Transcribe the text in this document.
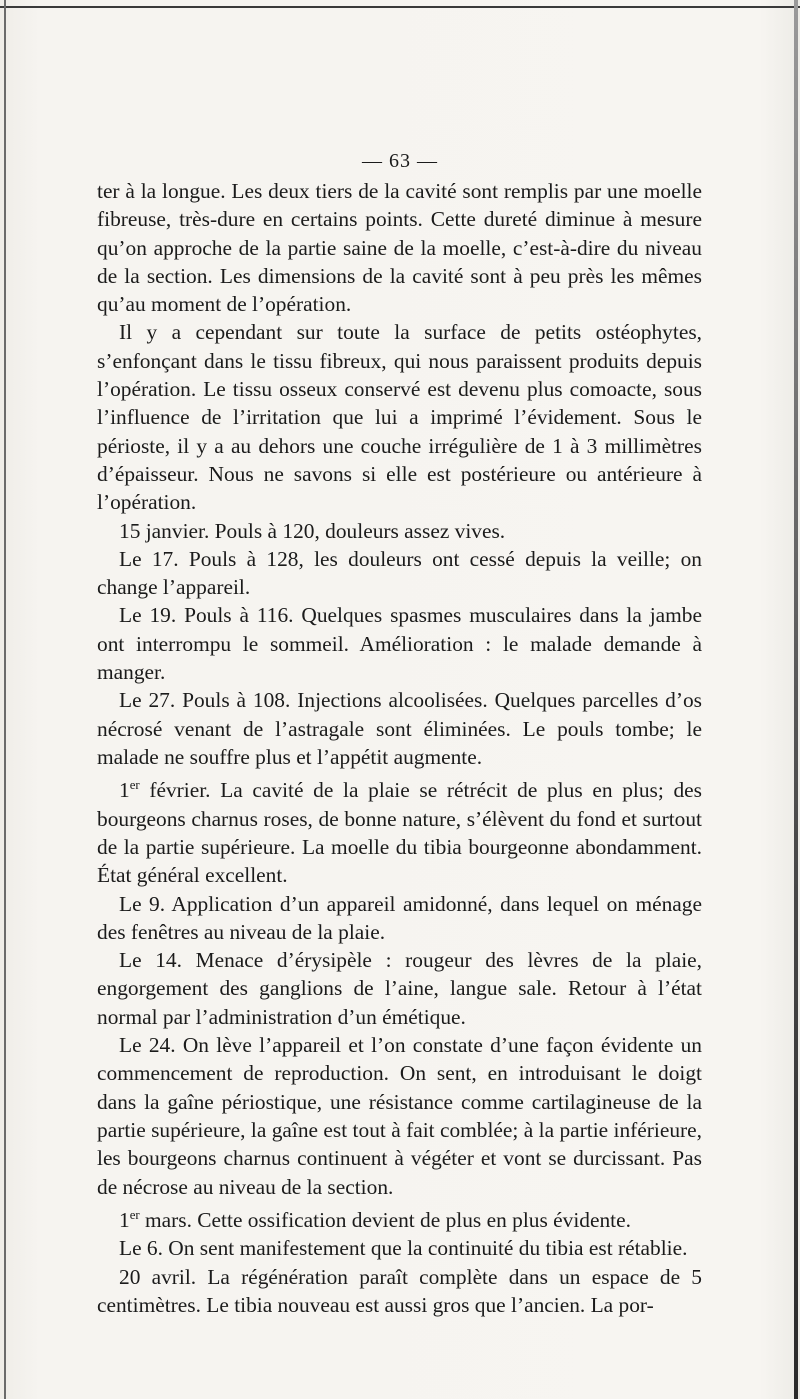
— 63 —

ter à la longue. Les deux tiers de la cavité sont remplis par une moelle fibreuse, très-dure en certains points. Cette dureté diminue à mesure qu’on approche de la partie saine de la moelle, c’est-à-dire du niveau de la section. Les dimensions de la cavité sont à peu près les mêmes qu’au moment de l’opération.

Il y a cependant sur toute la surface de petits ostéophytes, s’enfonçant dans le tissu fibreux, qui nous paraissent produits depuis l’opération. Le tissu osseux conservé est devenu plus comoacte, sous l’influence de l’irritation que lui a imprimé l’évidement. Sous le périoste, il y a au dehors une couche irrégulière de 1 à 3 millimètres d’épaisseur. Nous ne savons si elle est postérieure ou antérieure à l’opération.

15 janvier. Pouls à 120, douleurs assez vives.

Le 17. Pouls à 128, les douleurs ont cessé depuis la veille; on change l’appareil.

Le 19. Pouls à 116. Quelques spasmes musculaires dans la jambe ont interrompu le sommeil. Amélioration : le malade demande à manger.

Le 27. Pouls à 108. Injections alcoolisées. Quelques parcelles d’os nécrosé venant de l’astragale sont éliminées. Le pouls tombe; le malade ne souffre plus et l’appétit augmente.

1er février. La cavité de la plaie se rétrécit de plus en plus; des bourgeons charnus roses, de bonne nature, s’élèvent du fond et surtout de la partie supérieure. La moelle du tibia bourgeonne abondamment. État général excellent.

Le 9. Application d’un appareil amidonné, dans lequel on ménage des fenêtres au niveau de la plaie.

Le 14. Menace d’érysipèle : rougeur des lèvres de la plaie, engorgement des ganglions de l’aine, langue sale. Retour à l’état normal par l’administration d’un émétique.

Le 24. On lève l’appareil et l’on constate d’une façon évidente un commencement de reproduction. On sent, en introduisant le doigt dans la gaîne périostique, une résistance comme cartilagineuse de la partie supérieure, la gaîne est tout à fait comblée; à la partie inférieure, les bourgeons charnus continuent à végéter et vont se durcissant. Pas de nécrose au niveau de la section.

1er mars. Cette ossification devient de plus en plus évidente.

Le 6. On sent manifestement que la continuité du tibia est rétablie.

20 avril. La régénération paraît complète dans un espace de 5 centimètres. Le tibia nouveau est aussi gros que l’ancien. La por-
